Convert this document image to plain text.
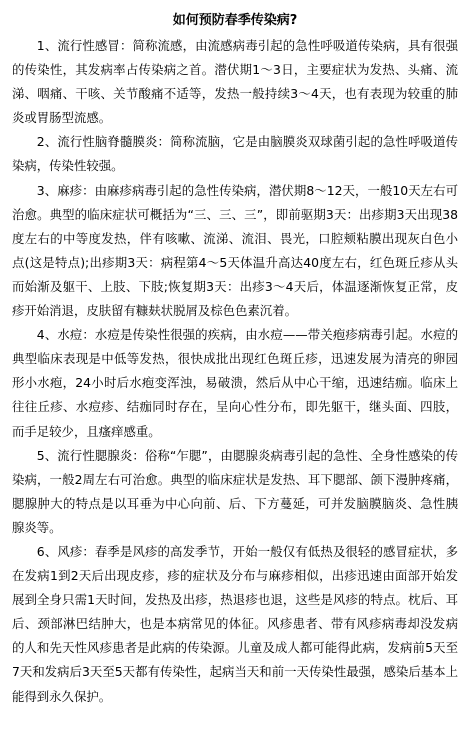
如何预防春季传染病?

1、流行性感冒：简称流感，由流感病毒引起的急性呼吸道传染病，具有很强的传染性，其发病率占传染病之首。潜伏期1～3日，主要症状为发热、头痛、流涕、咽痛、干咳、关节酸痛不适等，发热一般持续3～4天，也有表现为较重的肺炎或胃肠型流感。

2、流行性脑脊髓膜炎：简称流脑，它是由脑膜炎双球菌引起的急性呼吸道传染病，传染性较强。

3、麻疹：由麻疹病毒引起的急性传染病，潜伏期8～12天，一般10天左右可治愈。典型的临床症状可概括为“三、三、三”，即前驱期3天：出疹期3天出现38度左右的中等度发热，伴有咳嗽、流涕、流泪、畏光，口腔颊粘膜出现灰白色小点(这是特点);出疹期3天：病程第4～5天体温升高达40度左右，红色斑丘疹从头而始渐及躯干、上肢、下肢;恢复期3天：出疹3～4天后，体温逐渐恢复正常，皮疹开始消退，皮肤留有糠麸状脱屑及棕色色素沉着。

4、水痘：水痘是传染性很强的疾病，由水痘——带关疱疹病毒引起。水痘的典型临床表现是中低等发热，很快成批出现红色斑丘疹，迅速发展为清亮的卵园形小水疱，24小时后水疱变浑浊，易破溃，然后从中心干缩，迅速结痂。临床上往往丘疹、水痘疹、结痂同时存在，呈向心性分布，即先躯干，继头面、四肢，而手足较少，且瘙痒感重。

5、流行性腮腺炎：俗称“乍腮”，由腮腺炎病毒引起的急性、全身性感染的传染病，一般2周左右可治愈。典型的临床症状是发热、耳下腮部、颌下漫肿疼痛，腮腺肿大的特点是以耳垂为中心向前、后、下方蔓延，可并发脑膜脑炎、急性胰腺炎等。

6、风疹：春季是风疹的高发季节，开始一般仅有低热及很轻的感冒症状，多在发病1到2天后出现皮疹，疹的症状及分布与麻疹相似，出疹迅速由面部开始发展到全身只需1天时间，发热及出疹，热退疹也退，这些是风疹的特点。枕后、耳后、颈部淋巴结肿大，也是本病常见的体征。风疹患者、带有风疹病毒却没发病的人和先天性风疹患者是此病的传染源。儿童及成人都可能得此病，发病前5天至7天和发病后3天至5天都有传染性，起病当天和前一天传染性最强，感染后基本上能得到永久保护。
